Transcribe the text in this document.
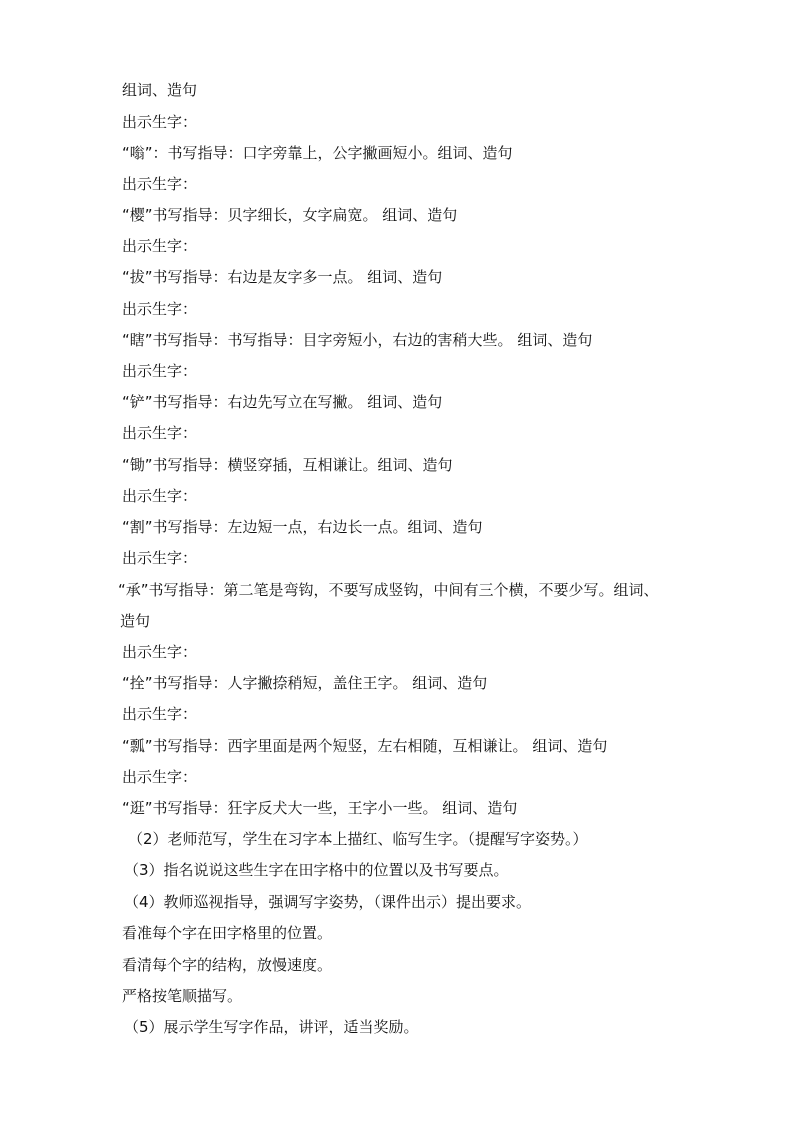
组词、造句
出示生字：
“嗡”：书写指导：口字旁靠上，公字撇画短小。组词、造句
出示生字：
“樱”书写指导：贝字细长，女字扁宽。 组词、造句
出示生字：
“拔”书写指导：右边是友字多一点。 组词、造句
出示生字：
“瞎”书写指导：书写指导：目字旁短小，右边的害稍大些。 组词、造句
出示生字：
“铲”书写指导：右边先写立在写撇。 组词、造句
出示生字：
“锄”书写指导：横竖穿插，互相谦让。组词、造句
出示生字：
“割”书写指导：左边短一点，右边长一点。组词、造句
出示生字：
“承”书写指导：第二笔是弯钩，不要写成竖钩，中间有三个横，不要少写。组词、
造句
出示生字：
“拴”书写指导：人字撇捺稍短，盖住王字。 组词、造句
出示生字：
“瓢”书写指导：西字里面是两个短竖，左右相随，互相谦让。 组词、造句
出示生字：
“逛”书写指导：狂字反犬大一些，王字小一些。 组词、造句
（2）老师范写，学生在习字本上描红、临写生字。（提醒写字姿势。）
（3）指名说说这些生字在田字格中的位置以及书写要点。
（4）教师巡视指导，强调写字姿势，（课件出示）提出要求。
看准每个字在田字格里的位置。
看清每个字的结构，放慢速度。
严格按笔顺描写。
（5）展示学生写字作品，讲评，适当奖励。
